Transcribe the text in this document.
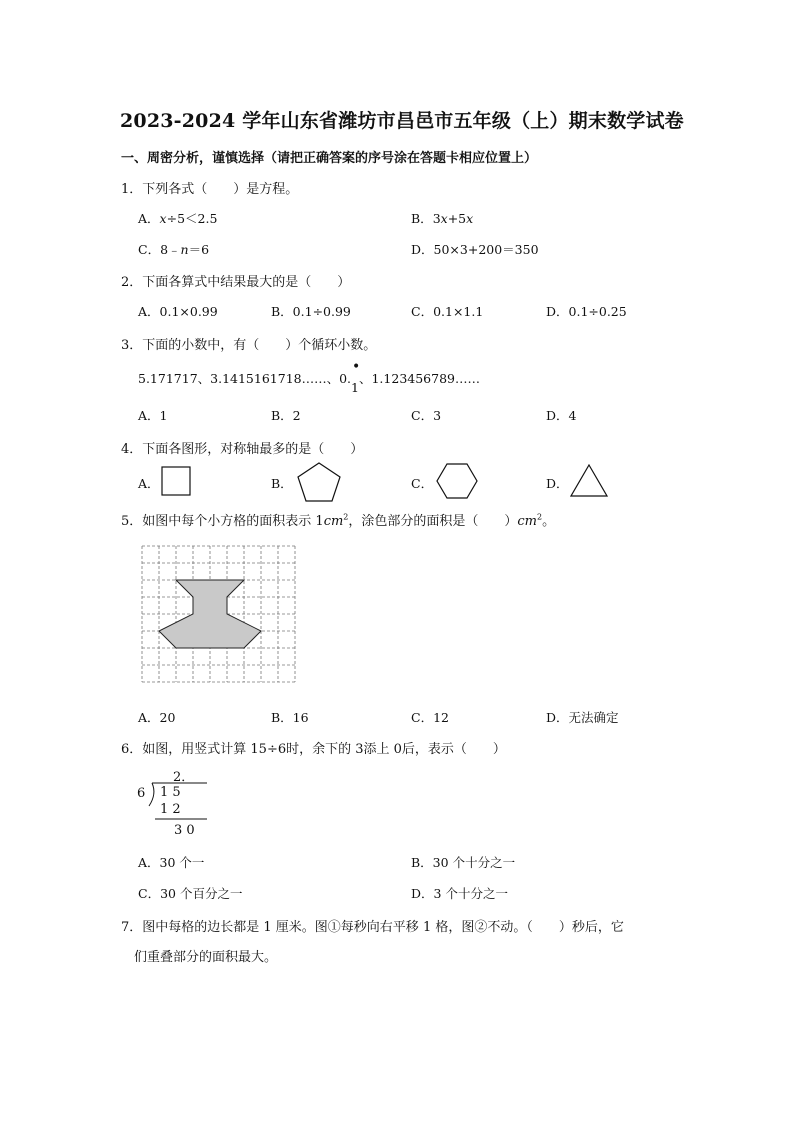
2023-2024 学年山东省潍坊市昌邑市五年级（上）期末数学试卷
一、周密分析，谨慎选择（请把正确答案的序号涂在答题卡相应位置上）
1．下列各式（　　）是方程。
A．x÷5＜2.5	B．3x+5x
C．8﹣n＝6	D．50×3+200＝350
2．下面各算式中结果最大的是（　　）
A．0.1×0.99	B．0.1÷0.99	C．0.1×1.1	D．0.1÷0.25
3．下面的小数中，有（　　）个循环小数。
5.171717、3.1415161718……、0.
•
1、1.123456789……
A．1	B．2	C．3	D．4
4．下面各图形，对称轴最多的是（　　）
A．	B．	C．	D．
5．如图中每个小方格的面积表示 $1cm^2$，涂色部分的面积是（　　）$cm^2$。
A．20	B．16	C．12	D．无法确定
6．如图，用竖式计算 15÷6时，余下的 3添上 0后，表示（　　）
2．
6 1 5
1 2
3 0
A．30 个一	B．30 个十分之一
C．30 个百分之一	D．3 个十分之一
7．图中每格的边长都是 1 厘米。图①每秒向右平移 1 格，图②不动。（　　）秒后，它
们重叠部分的面积最大。
